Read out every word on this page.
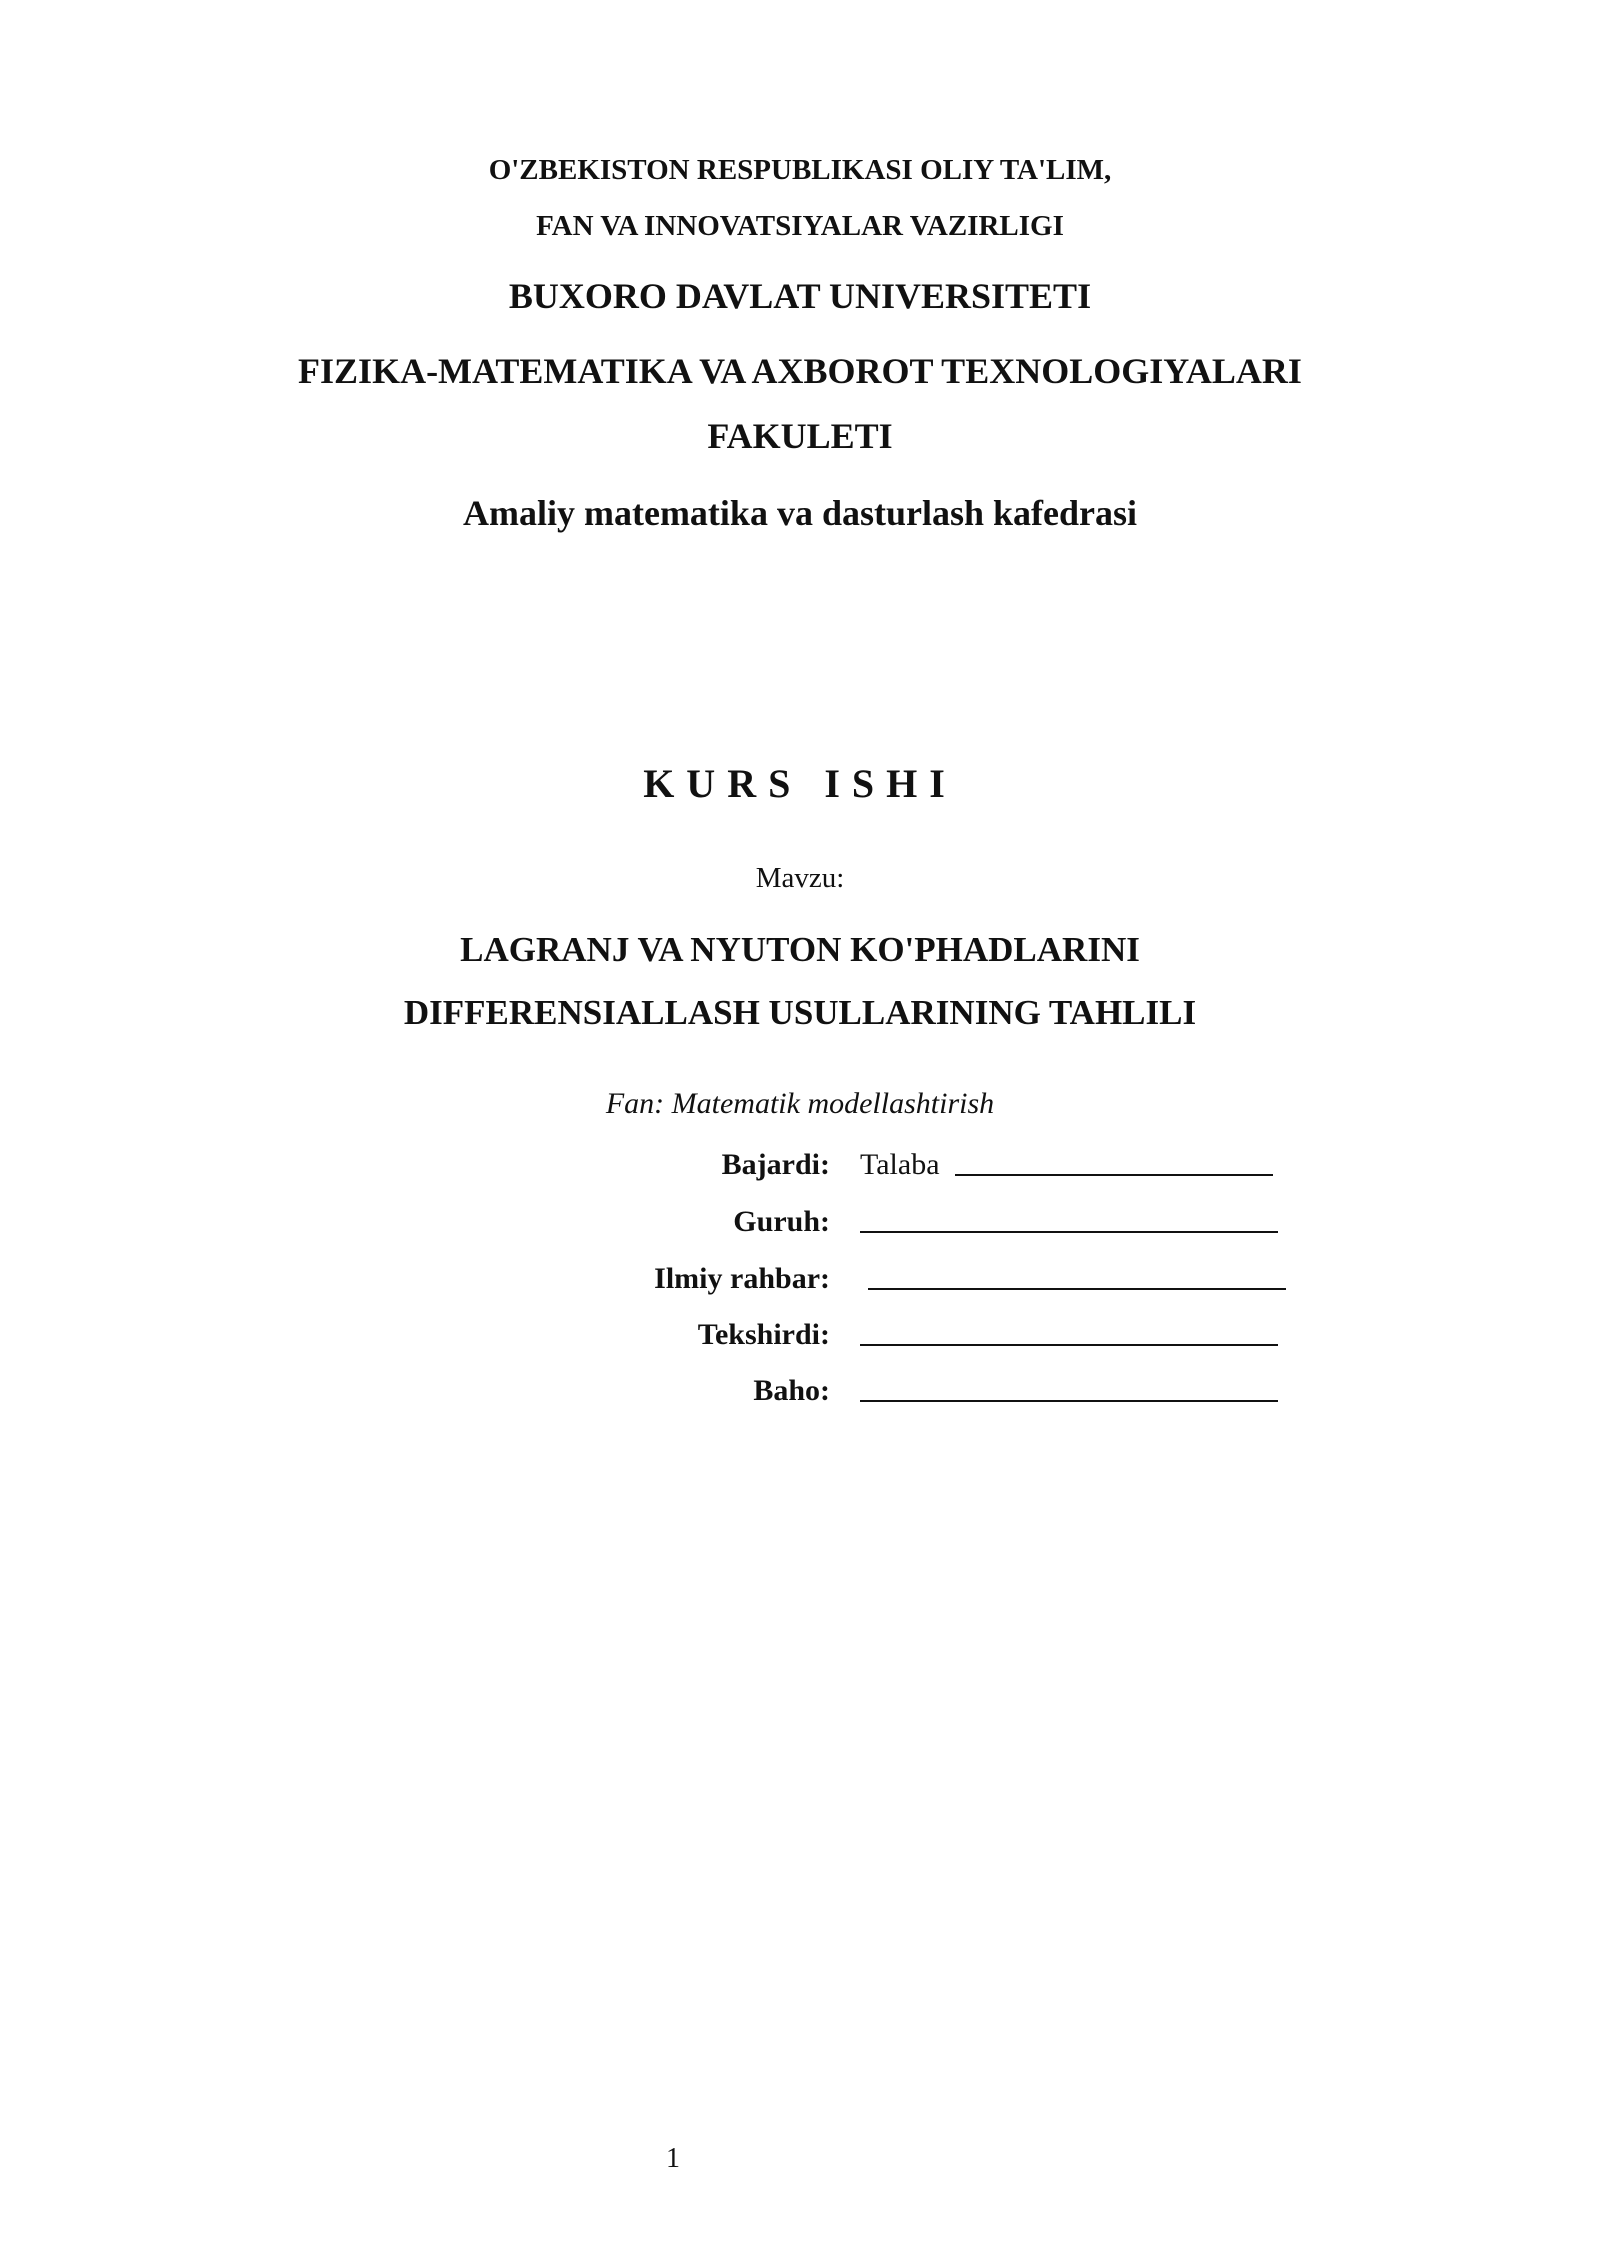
O'ZBEKISTON RESPUBLIKASI OLIY TA'LIM,
FAN VA INNOVATSIYALAR VAZIRLIGI
BUXORO DAVLAT UNIVERSITETI
FIZIKA-MATEMATIKA VA AXBOROT TEXNOLOGIYALARI
FAKULETI
Amaliy matematika va dasturlash kafedrasi
KURS ISHI
Mavzu:
LAGRANJ VA NYUTON KO'PHADLARINI
DIFFERENSIALLASH USULLARINING TAHLILI
Fan: Matematik modellashtirish
Bajardi: Talaba
Guruh:
Ilmiy rahbar:
Tekshirdi:
Baho:
1
